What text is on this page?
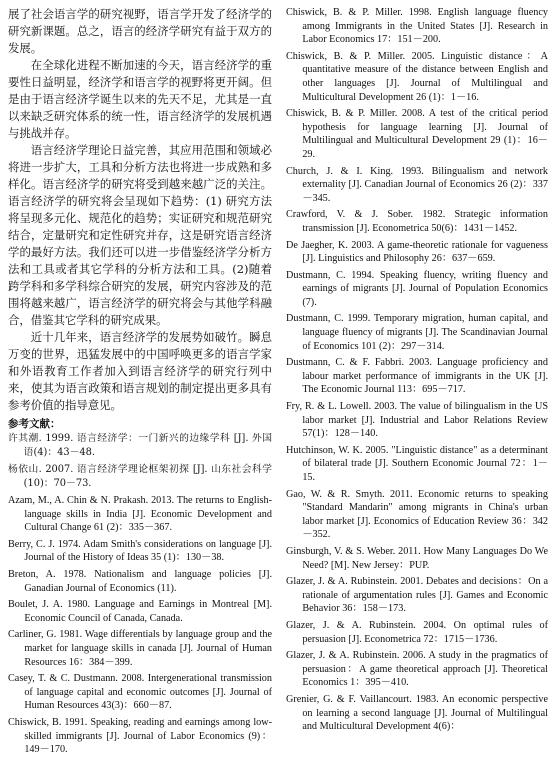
展了社会语言学的研究视野，语言学开发了经济学的研究新课题。总之，语言的经济学研究有益于双方的发展。

在全球化进程不断加速的今天，语言经济学的重要性日益明显，经济学和语言学的视野将更开阔。但是由于语言经济学诞生以来的先天不足，尤其是一直以来缺乏研究体系的统一性，语言经济学的发展机遇与挑战并存。

语言经济学理论日益完善，其应用范围和领域必将进一步扩大，工具和分析方法也将进一步成熟和多样化。语言经济学的研究将受到越来越广泛的关注。语言经济学的研究将会呈现如下趋势：(1) 研究方法将呈现多元化、规范化的趋势；实证研究和规范研究结合，定量研究和定性研究并存，这是研究语言经济学的最好方法。我们还可以进一步借鉴经济学分析方法和工具或者其它学科的分析方法和工具。(2)随着跨学科和多学科综合研究的发展，研究内容涉及的范围将越来越广，语言经济学的研究将会与其他学科融合，借鉴其它学科的研究成果。

近十几年来，语言经济学的发展势如破竹。瞬息万变的世界，迅猛发展中的中国呼唤更多的语言学家和外语教育工作者加入到语言经济学的研究行列中来，使其为语言政策和语言规划的制定提出更多具有参考价值的指导意见。

参考文献：

许其潮. 1999. 语言经济学：一门新兴的边缘学科 [J]. 外国语(4)：43－48.

杨依山. 2007. 语言经济学理论框架初探 [J]. 山东社会科学(10)：70－73.

Azam, M., A. Chin & N. Prakash. 2013. The returns to English-language skills in India [J]. Economic Development and Cultural Change 61 (2)：335－367.

Berry, C. J. 1974. Adam Smith's considerations on language [J]. Journal of the History of Ideas 35 (1)：130－38.

Breton, A. 1978. Nationalism and language policies [J]. Ganadian Journal of Economics (11).

Boulet, J. A. 1980. Language and Earnings in Montreal [M]. Economic Council of Canada, Canada.

Carliner, G. 1981. Wage differentials by language group and the market for language skills in canada [J]. Journal of Human Resources 16：384－399.

Casey, T. & C. Dustmann. 2008. Intergenerational transmission of language capital and economic outcomes [J]. Journal of Human Resources 43(3)：660－87.

Chiswick, B. 1991. Speaking, reading and earnings among low-skilled immigrants [J]. Journal of Labor Economics (9)：149－170.

Chiswick, B. & P. Miller. 1998. English language fluency among Immigrants in the United States [J]. Research in Labor Economics 17：151－200.

Chiswick, B. & P. Miller. 2005. Linguistic distance：A quantitative measure of the distance between English and other languages [J]. Journal of Multilingual and Multicultural Development 26 (1)：1－16.

Chiswick, B. & P. Miller. 2008. A test of the critical period hypothesis for language learning [J]. Journal of Multilingual and Multicultural Development 29 (1)：16－29.

Church, J. & I. King. 1993. Bilingualism and network externality [J]. Canadian Journal of Economics 26 (2)：337－345.

Crawford, V. & J. Sober. 1982. Strategic information transmission [J]. Econometrica 50(6)：1431－1452.

De Jaegher, K. 2003. A game-theoretic rationale for vagueness [J]. Linguistics and Philosophy 26：637－659.

Dustmann, C. 1994. Speaking fluency, writing fluency and earnings of migrants [J]. Journal of Population Economics (7).

Dustmann, C. 1999. Temporary migration, human capital, and language fluency of migrants [J]. The Scandinavian Journal of Economics 101 (2)：297－314.

Dustmann, C. & F. Fabbri. 2003. Language proficiency and labour market performance of immigrants in the UK [J]. The Economic Journal 113：695－717.

Fry, R. & L. Lowell. 2003. The value of bilingualism in the US labor market [J]. Industrial and Labor Relations Review 57(1)：128－140.

Hutchinson, W. K. 2005. "Linguistic distance" as a determinant of bilateral trade [J]. Southern Economic Journal 72：1－15.

Gao, W. & R. Smyth. 2011. Economic returns to speaking "Standard Mandarin" among migrants in China's urban labor market [J]. Economics of Education Review 36：342－352.

Ginsburgh, V. & S. Weber. 2011. How Many Languages Do We Need? [M]. New Jersey：PUP.

Glazer, J. & A. Rubinstein. 2001. Debates and decisions：On a rationale of argumentation rules [J]. Games and Economic Behavior 36：158－173.

Glazer, J. & A. Rubinstein. 2004. On optimal rules of persuasion [J]. Econometrica 72：1715－1736.

Glazer, J. & A. Rubinstein. 2006. A study in the pragmatics of persuasion：A game theoretical approach [J]. Theoretical Economics 1：395－410.

Grenier, G. & F. Vaillancourt. 1983. An economic perspective on learning a second language [J]. Journal of Multilingual and Multicultural Development 4(6)：
